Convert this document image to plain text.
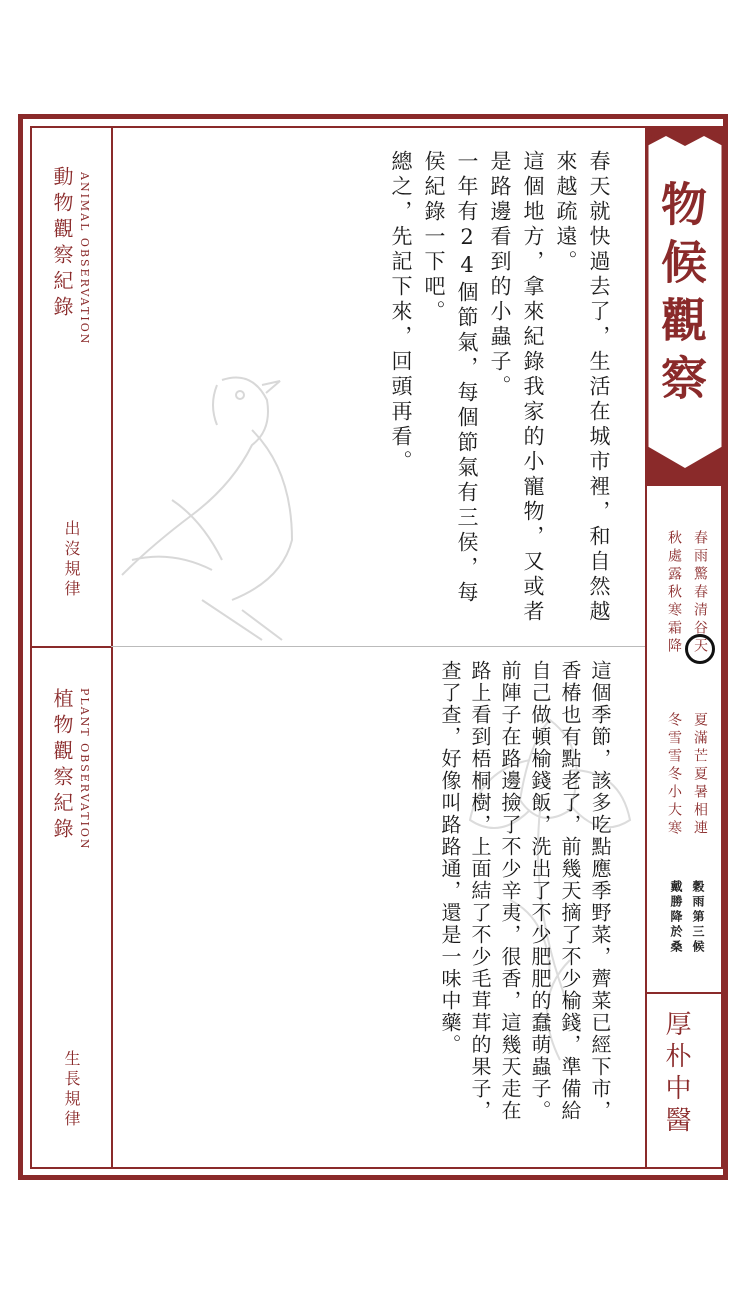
ANIMAL OBSERVATION
動物觀察紀錄
出沒規律
PLANT OBSERVATION
植物觀察紀錄
生長規律
春天就快過去了，生活在城市裡，和自然越來越疏遠。
這個地方，拿來紀錄我家的小寵物，又或者是路邊看到的小蟲子。
一年有24個節氣，每個節氣有三侯，每侯紀錄一下吧。
總之，先記下來，回頭再看。
這個季節，該多吃點應季野菜，薺菜已經下市，香椿也有點老了，前幾天摘了不少榆錢，準備給自己做頓榆錢飯，洗出了不少肥肥的蠢萌蟲子。
前陣子在路邊撿了不少辛夷，很香，這幾天走在路上看到梧桐樹，上面結了不少毛茸茸的果子，查了查，好像叫路路通，還是一味中藥。
物候觀察
春雨驚春清谷天
秋處露秋寒霜降
夏滿芒夏暑相連
冬雪雪冬小大寒
穀雨第三候
戴勝降於桑
厚朴中醫
